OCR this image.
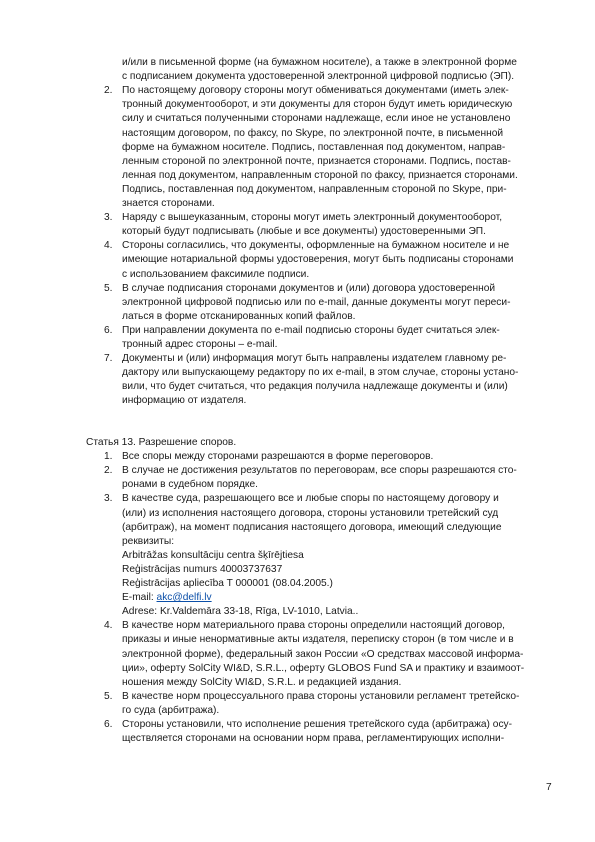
и/или в письменной форме (на бумажном носителе), а также в электронной форме
с подписанием документа удостоверенной электронной цифровой подписью (ЭП).
2. По настоящему договору стороны могут обмениваться документами (иметь элек-
тронный документооборот, и эти документы для сторон будут иметь юридическую
силу и считаться полученными сторонами надлежаще, если иное не установлено
настоящим договором, по факсу, по Skype, по электронной почте, в письменной
форме на бумажном носителе. Подпись, поставленная под документом, направ-
ленным стороной по электронной почте, признается сторонами. Подпись, постав-
ленная под документом, направленным стороной по факсу, признается сторонами.
Подпись, поставленная под документом, направленным стороной по Skype, при-
знается сторонами.
3. Наряду с вышеуказанным, стороны могут иметь электронный документооборот,
который будут подписывать (любые и все документы) удостоверенными ЭП.
4. Стороны согласились, что документы, оформленные на бумажном носителе и не
имеющие нотариальной формы удостоверения, могут быть подписаны сторонами
с использованием факсимиле подписи.
5. В случае подписания сторонами документов и (или) договора удостоверенной
электронной цифровой подписью или по e-mail, данные документы могут переси-
латься в форме отсканированных копий файлов.
6. При направлении документа по e-mail подписью стороны будет считаться элек-
тронный адрес стороны – e-mail.
7. Документы и (или) информация могут быть направлены издателем главному ре-
дактору или выпускающему редактору по их e-mail, в этом случае, стороны устано-
вили, что будет считаться, что редакция получила надлежаще документы и (или)
информацию от издателя.
Статья 13. Разрешение споров.
1. Все споры между сторонами разрешаются в форме переговоров.
2. В случае не достижения результатов по переговорам, все споры разрешаются сто-
ронами в судебном порядке.
3. В качестве суда, разрешающего все и любые споры по настоящему договору и
(или) из исполнения настоящего договора, стороны установили третейский суд
(арбитраж), на момент подписания настоящего договора, имеющий следующие
реквизиты:
Arbitrāžas konsultāciju centra šķīrējtiesa
Reģistrācijas numurs 40003737637
Reģistrācijas apliecība T 000001 (08.04.2005.)
E-mail: akc@delfi.lv
Adrese: Kr.Valdemāra 33-18, Rīga, LV-1010, Latvia..
4. В качестве норм материального права стороны определили настоящий договор,
приказы и иные ненормативные акты издателя, переписку сторон (в том числе и в
электронной форме), федеральный закон России «О средствах массовой информа-
ции», оферту SolCity WI&D, S.R.L., оферту GLOBOS Fund SA и практику и взаимоот-
ношения между SolCity WI&D, S.R.L. и редакцией издания.
5. В качестве норм процессуального права стороны установили регламент третейско-
го суда (арбитража).
6. Стороны установили, что исполнение решения третейского суда (арбитража) осу-
ществляется сторонами на основании норм права, регламентирующих исполни-
7
